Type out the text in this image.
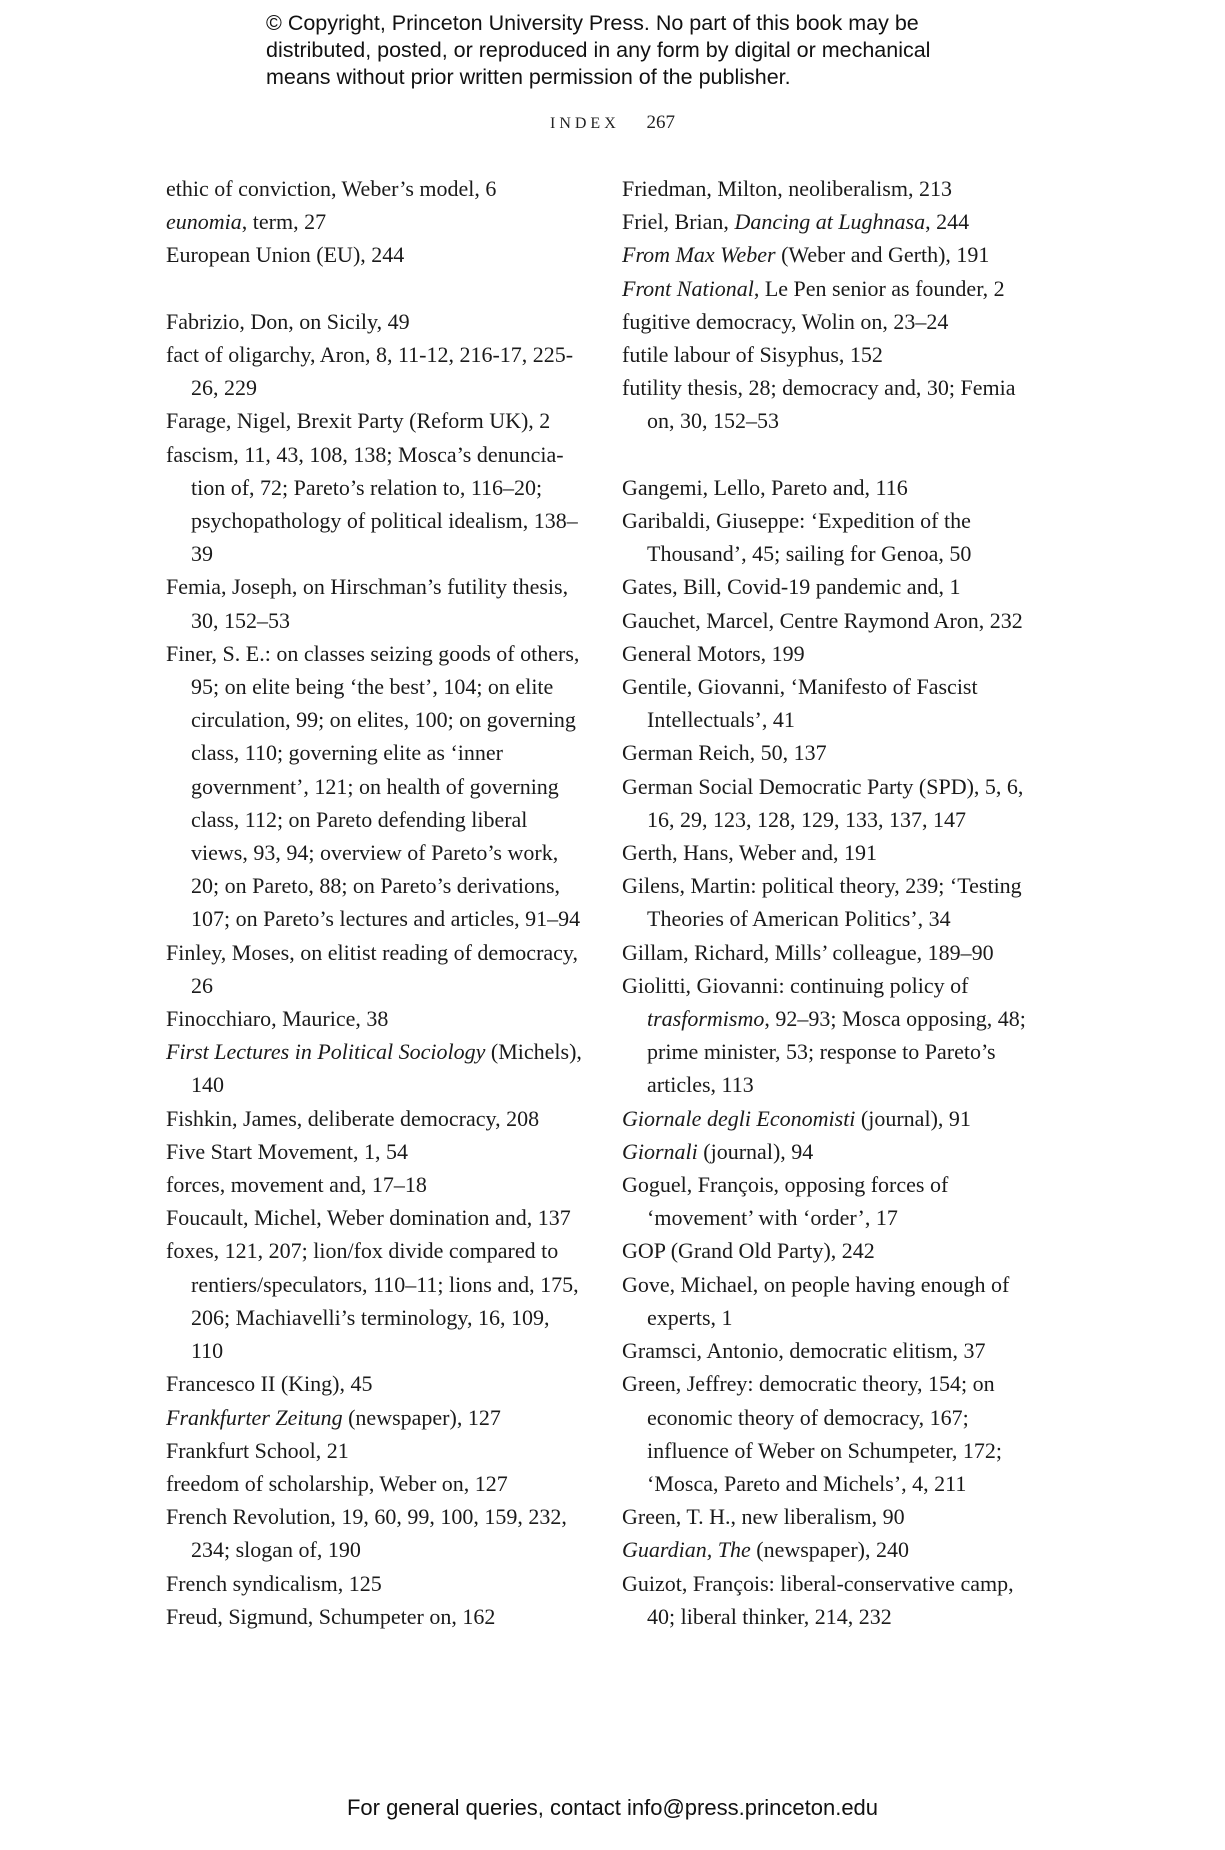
© Copyright, Princeton University Press. No part of this book may be
distributed, posted, or reproduced in any form by digital or mechanical
means without prior written permission of the publisher.
INDEX 267

ethic of conviction, Weber’s model, 6

eunomia, term, 27

European Union (EU), 244

Fabrizio, Don, on Sicily, 49

fact of oligarchy, Aron, 8, 11-12, 216-17, 225-26, 229

Farage, Nigel, Brexit Party (Reform UK), 2

fascism, 11, 43, 108, 138; Mosca’s denuncia-tion of, 72; Pareto’s relation to, 116–20; psychopathology of political idealism, 138–39

Femia, Joseph, on Hirschman’s futility thesis, 30, 152–53

Finer, S. E.: on classes seizing goods of others, 95; on elite being ‘the best’, 104; on elite circulation, 99; on elites, 100; on governing class, 110; governing elite as ‘inner government’, 121; on health of governing class, 112; on Pareto defending liberal views, 93, 94; overview of Pareto’s work, 20; on Pareto, 88; on Pareto’s derivations, 107; on Pareto’s lectures and articles, 91–94

Finley, Moses, on elitist reading of democracy, 26

Finocchiaro, Maurice, 38

First Lectures in Political Sociology (Michels), 140

Fishkin, James, deliberate democracy, 208

Five Start Movement, 1, 54

forces, movement and, 17–18

Foucault, Michel, Weber domination and, 137

foxes, 121, 207; lion/fox divide compared to rentiers/speculators, 110–11; lions and, 175, 206; Machiavelli’s terminology, 16, 109, 110

Francesco II (King), 45

Frankfurter Zeitung (newspaper), 127

Frankfurt School, 21

freedom of scholarship, Weber on, 127

French Revolution, 19, 60, 99, 100, 159, 232, 234; slogan of, 190

French syndicalism, 125

Freud, Sigmund, Schumpeter on, 162

Friedman, Milton, neoliberalism, 213

Friel, Brian, Dancing at Lughnasa, 244

From Max Weber (Weber and Gerth), 191

Front National, Le Pen senior as founder, 2

fugitive democracy, Wolin on, 23–24

futile labour of Sisyphus, 152

futility thesis, 28; democracy and, 30; Femia on, 30, 152–53

Gangemi, Lello, Pareto and, 116

Garibaldi, Giuseppe: ‘Expedition of the Thousand’, 45; sailing for Genoa, 50

Gates, Bill, Covid-19 pandemic and, 1

Gauchet, Marcel, Centre Raymond Aron, 232

General Motors, 199

Gentile, Giovanni, ‘Manifesto of Fascist Intellectuals’, 41

German Reich, 50, 137

German Social Democratic Party (SPD), 5, 6, 16, 29, 123, 128, 129, 133, 137, 147

Gerth, Hans, Weber and, 191

Gilens, Martin: political theory, 239; ‘Testing Theories of American Politics’, 34

Gillam, Richard, Mills’ colleague, 189–90

Giolitti, Giovanni: continuing policy of trasformismo, 92–93; Mosca opposing, 48; prime minister, 53; response to Pareto’s articles, 113

Giornale degli Economisti (journal), 91

Giornali (journal), 94

Goguel, François, opposing forces of ‘movement’ with ‘order’, 17

GOP (Grand Old Party), 242

Gove, Michael, on people having enough of experts, 1

Gramsci, Antonio, democratic elitism, 37

Green, Jeffrey: democratic theory, 154; on economic theory of democracy, 167; influence of Weber on Schumpeter, 172; ‘Mosca, Pareto and Michels’, 4, 211

Green, T. H., new liberalism, 90

Guardian, The (newspaper), 240

Guizot, François: liberal-conservative camp, 40; liberal thinker, 214, 232

For general queries, contact info@press.princeton.edu
